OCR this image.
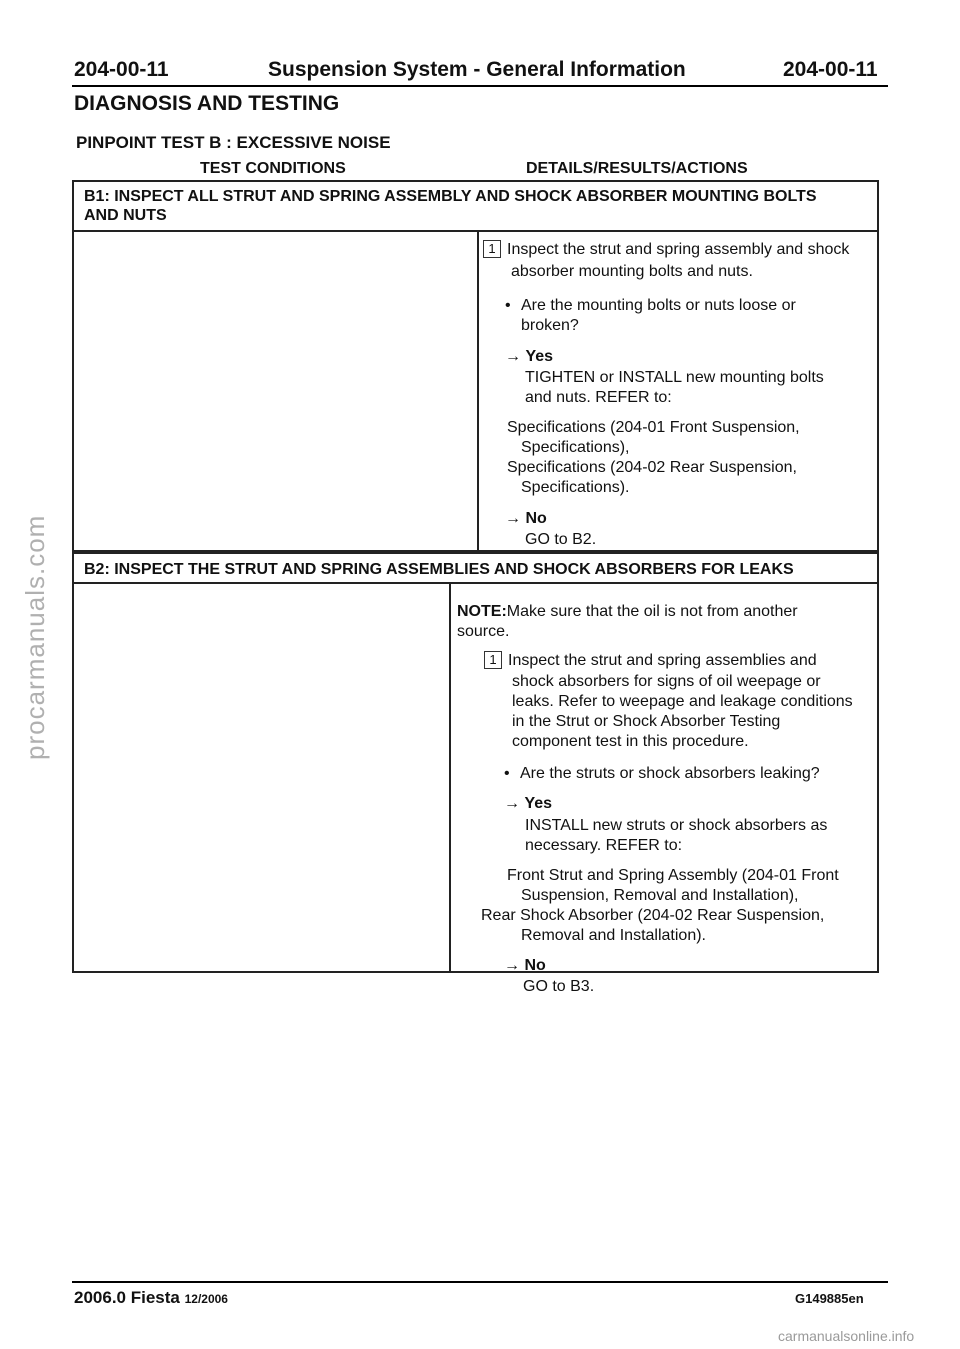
204-00-11	Suspension System - General Information	204-00-11
DIAGNOSIS AND TESTING
PINPOINT TEST B : EXCESSIVE NOISE
TEST CONDITIONS	DETAILS/RESULTS/ACTIONS
B1: INSPECT ALL STRUT AND SPRING ASSEMBLY AND SHOCK ABSORBER MOUNTING BOLTS
AND NUTS
1 Inspect the strut and spring assembly and shock
absorber mounting bolts and nuts.
• Are the mounting bolts or nuts loose or
broken?
→ Yes
TIGHTEN or INSTALL new mounting bolts
and nuts. REFER to:
Specifications (204-01 Front Suspension,
Specifications),
Specifications (204-02 Rear Suspension,
Specifications).
→ No
GO to B2.
B2: INSPECT THE STRUT AND SPRING ASSEMBLIES AND SHOCK ABSORBERS FOR LEAKS
NOTE:Make sure that the oil is not from another
source.
1 Inspect the strut and spring assemblies and
shock absorbers for signs of oil weepage or
leaks. Refer to weepage and leakage conditions
in the Strut or Shock Absorber Testing
component test in this procedure.
• Are the struts or shock absorbers leaking?
→ Yes
INSTALL new struts or shock absorbers as
necessary. REFER to:
Front Strut and Spring Assembly (204-01 Front
Suspension, Removal and Installation),
Rear Shock Absorber (204-02 Rear Suspension,
Removal and Installation).
→ No
GO to B3.
2006.0 Fiesta 12/2006	G149885en
procarmanuals.com
carmanualsonline.info
